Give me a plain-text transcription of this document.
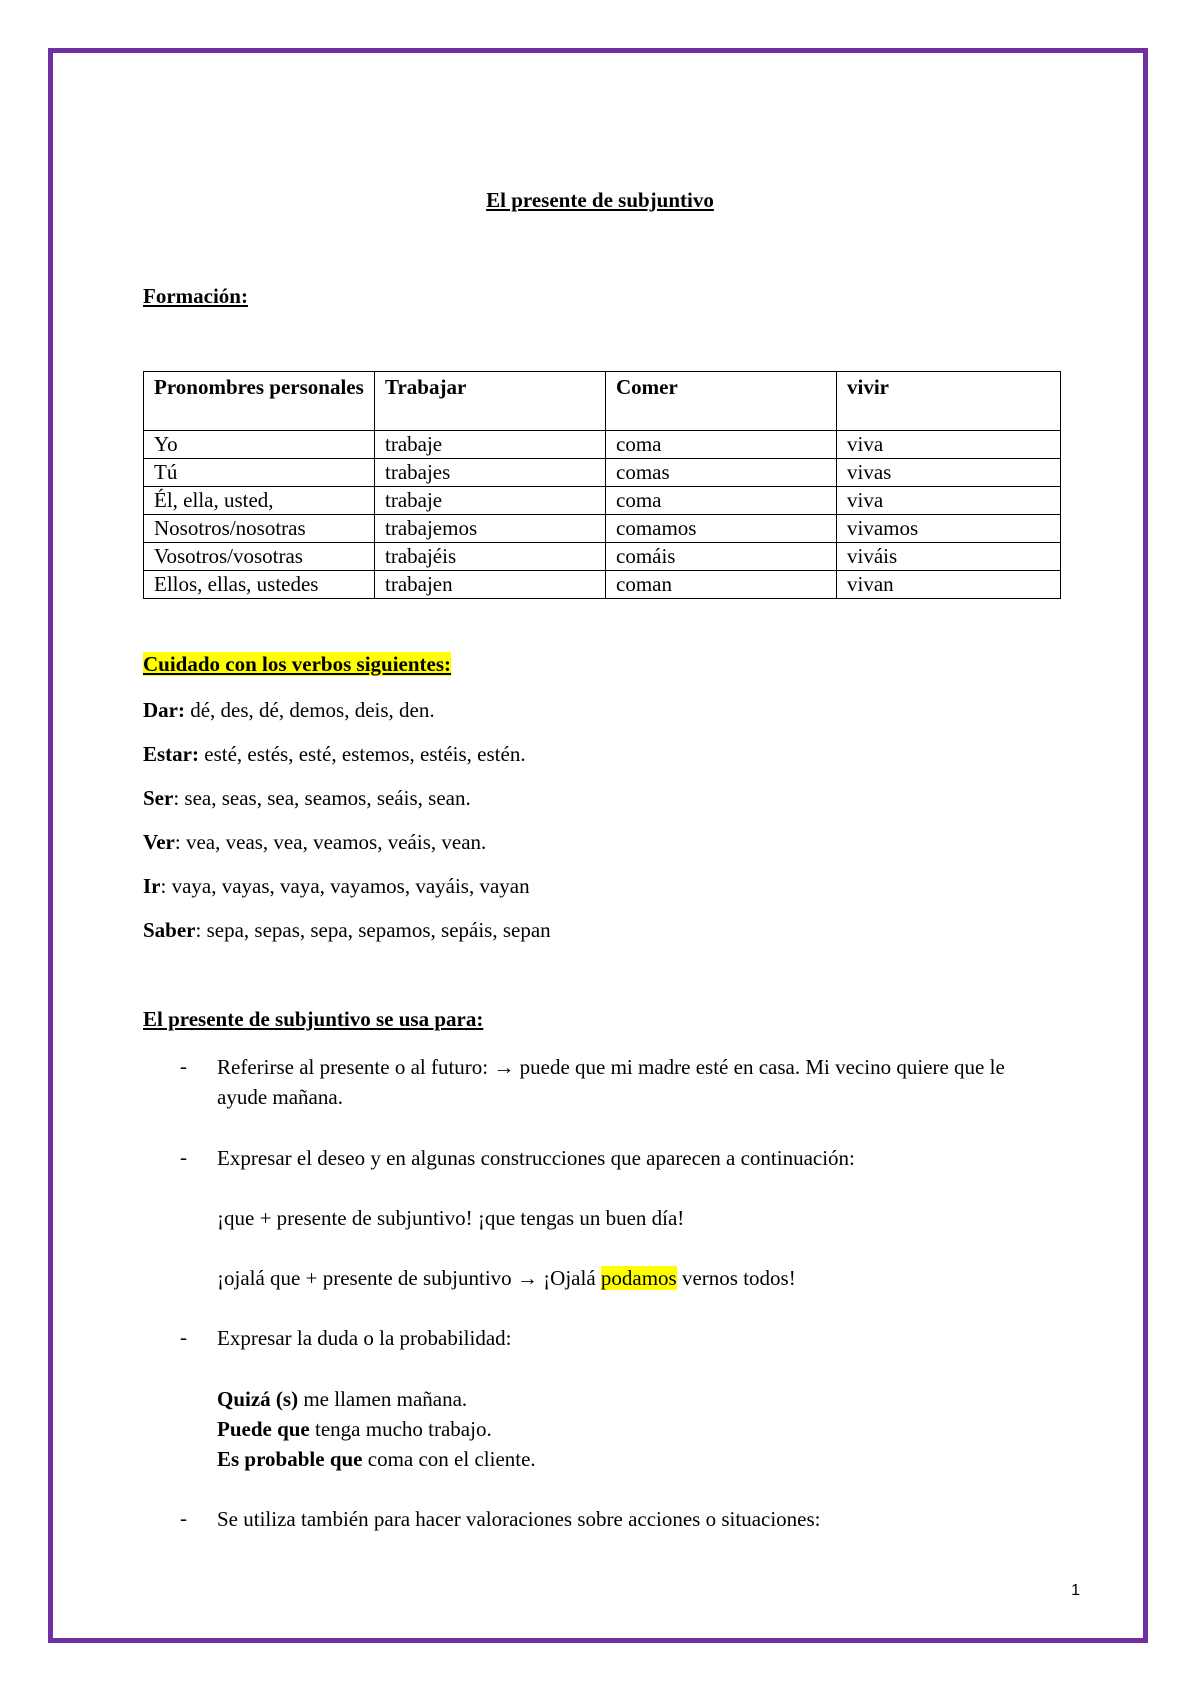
El presente de subjuntivo
Formación:
Pronombres personales	Trabajar	Comer	vivir
Yo	trabaje	coma	viva
Tú	trabajes	comas	vivas
Él, ella, usted,	trabaje	coma	viva
Nosotros/nosotras	trabajemos	comamos	vivamos
Vosotros/vosotras	trabajéis	comáis	viváis
Ellos, ellas, ustedes	trabajen	coman	vivan
Cuidado con los verbos siguientes:
Dar: dé, des, dé, demos, deis, den.
Estar: esté, estés, esté, estemos, estéis, estén.
Ser: sea, seas, sea, seamos, seáis, sean.
Ver: vea, veas, vea, veamos, veáis, vean.
Ir: vaya, vayas, vaya, vayamos, vayáis, vayan
Saber: sepa, sepas, sepa, sepamos, sepáis, sepan
El presente de subjuntivo se usa para:
- Referirse al presente o al futuro: → puede que mi madre esté en casa. Mi vecino quiere que le ayude mañana.
- Expresar el deseo y en algunas construcciones que aparecen a continuación:
¡que + presente de subjuntivo! ¡que tengas un buen día!
¡ojalá que + presente de subjuntivo → ¡Ojalá podamos vernos todos!
- Expresar la duda o la probabilidad:
Quizá (s) me llamen mañana.
Puede que tenga mucho trabajo.
Es probable que coma con el cliente.
- Se utiliza también para hacer valoraciones sobre acciones o situaciones:
1
